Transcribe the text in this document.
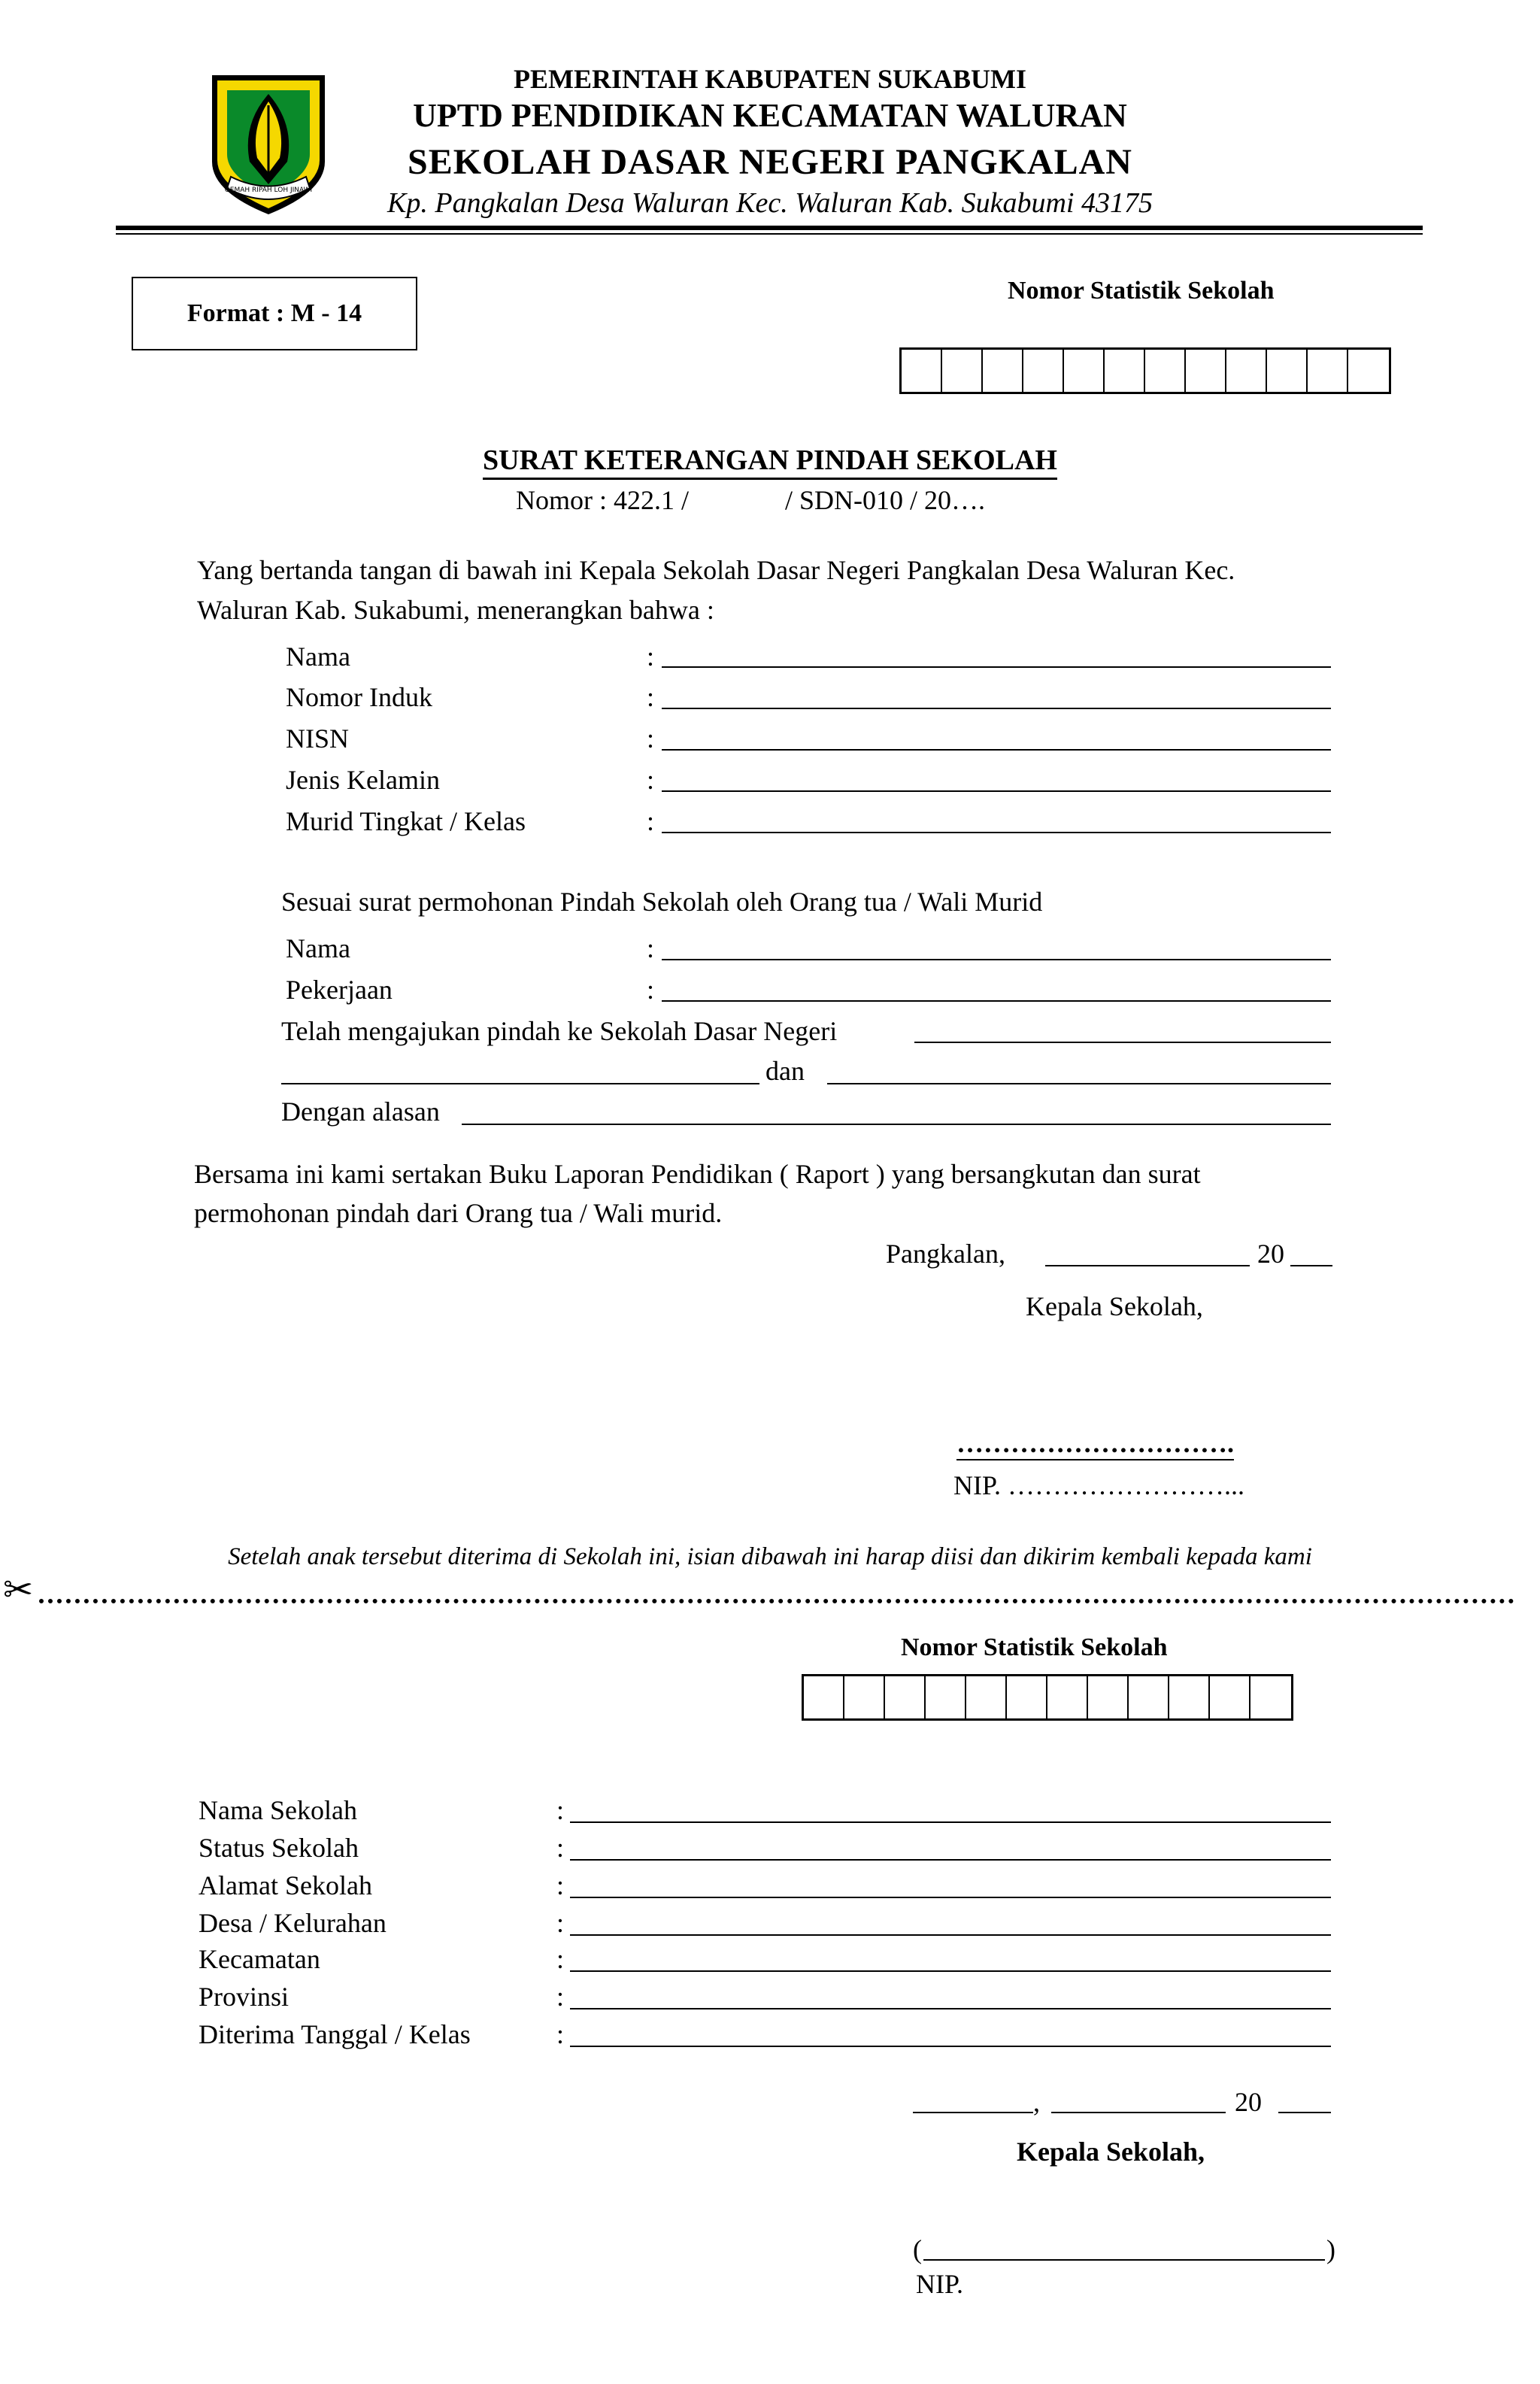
GEMAH RIPAH LOH JINAWI
PEMERINTAH KABUPATEN SUKABUMI
UPTD PENDIDIKAN KECAMATAN WALURAN
SEKOLAH DASAR NEGERI PANGKALAN
Kp. Pangkalan Desa Waluran Kec. Waluran Kab. Sukabumi 43175
Format : M - 14
Nomor Statistik Sekolah
SURAT KETERANGAN PINDAH SEKOLAH
Nomor : 422.1 /	/ SDN-010 / 20….
Yang bertanda tangan di bawah ini Kepala Sekolah Dasar Negeri Pangkalan Desa Waluran Kec.
Waluran Kab. Sukabumi, menerangkan bahwa :
Nama	:
Nomor Induk	:
NISN	:
Jenis Kelamin	:
Murid Tingkat / Kelas	:
Sesuai surat permohonan Pindah Sekolah oleh Orang tua / Wali Murid
Nama	:
Pekerjaan	:
Telah mengajukan pindah ke Sekolah Dasar Negeri
dan
Dengan alasan
Bersama ini kami sertakan Buku Laporan Pendidikan ( Raport ) yang bersangkutan dan surat
permohonan pindah dari Orang tua / Wali murid.
Pangkalan,	20
Kepala Sekolah,
………………………….
NIP. ……………………...
Setelah anak tersebut diterima di Sekolah ini, isian dibawah ini harap diisi dan dikirim kembali kepada kami
✂
Nomor Statistik Sekolah
Nama Sekolah	:
Status Sekolah	:
Alamat Sekolah	:
Desa / Kelurahan	:
Kecamatan	:
Provinsi	:
Diterima Tanggal / Kelas	:
,	20
Kepala Sekolah,
(	)
NIP.
